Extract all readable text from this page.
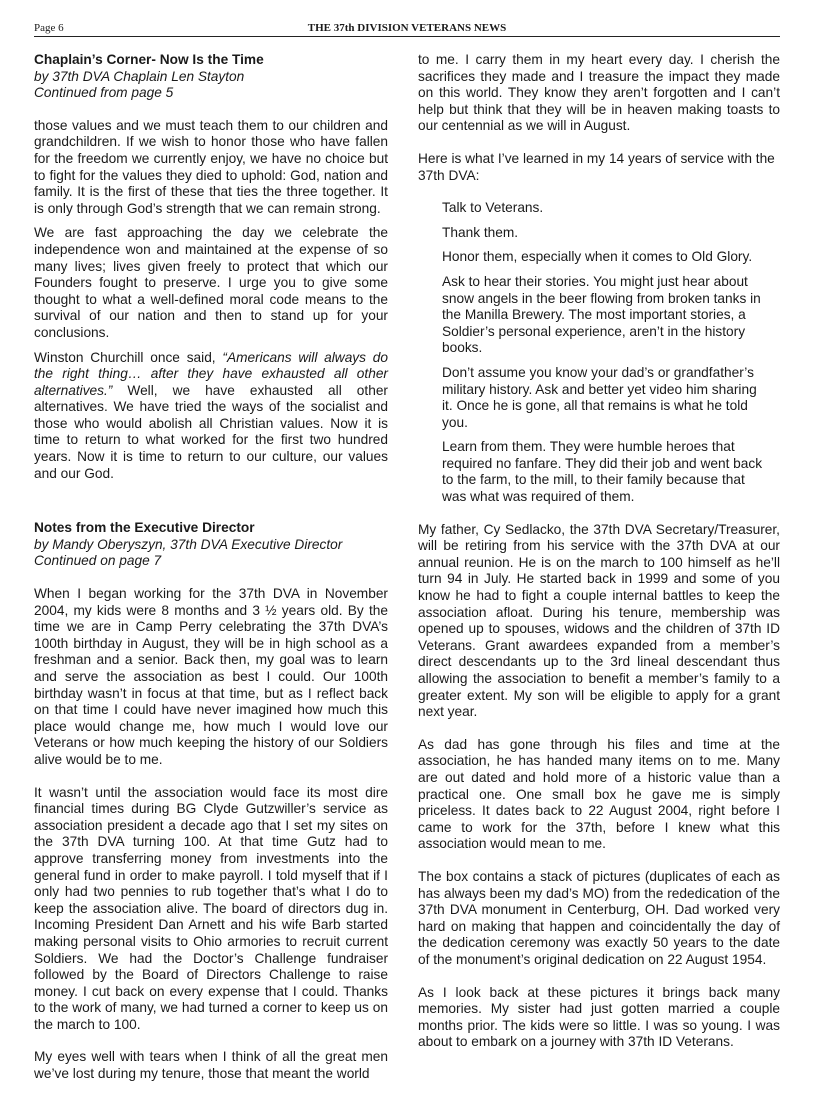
Page 6	THE 37th DIVISION VETERANS NEWS
Chaplain’s Corner- Now Is the Time
by 37th DVA Chaplain Len Stayton
Continued from page 5

those values and we must teach them to our children and grandchildren. If we wish to honor those who have fallen for the freedom we currently enjoy, we have no choice but to fight for the values they died to uphold: God, nation and family. It is the first of these that ties the three together. It is only through God’s strength that we can remain strong.

We are fast approaching the day we celebrate the independence won and maintained at the expense of so many lives; lives given freely to protect that which our Founders fought to preserve. I urge you to give some thought to what a well-defined moral code means to the survival of our nation and then to stand up for your conclusions.

Winston Churchill once said, “Americans will always do the right thing… after they have exhausted all other alternatives.” Well, we have exhausted all other alternatives. We have tried the ways of the socialist and those who would abolish all Christian values. Now it is time to return to what worked for the first two hundred years. Now it is time to return to our culture, our values and our God.

Notes from the Executive Director
by Mandy Oberyszyn, 37th DVA Executive Director
Continued on page 7

When I began working for the 37th DVA in November 2004, my kids were 8 months and 3 ½ years old. By the time we are in Camp Perry celebrating the 37th DVA’s 100th birthday in August, they will be in high school as a freshman and a senior. Back then, my goal was to learn and serve the association as best I could. Our 100th birthday wasn’t in focus at that time, but as I reflect back on that time I could have never imagined how much this place would change me, how much I would love our Veterans or how much keeping the history of our Soldiers alive would be to me.

It wasn’t until the association would face its most dire financial times during BG Clyde Gutzwiller’s service as association president a decade ago that I set my sites on the 37th DVA turning 100. At that time Gutz had to approve transferring money from investments into the general fund in order to make payroll. I told myself that if I only had two pennies to rub together that’s what I do to keep the association alive. The board of directors dug in. Incoming President Dan Arnett and his wife Barb started making personal visits to Ohio armories to recruit current Soldiers. We had the Doctor’s Challenge fundraiser followed by the Board of Directors Challenge to raise money. I cut back on every expense that I could. Thanks to the work of many, we had turned a corner to keep us on the march to 100.

My eyes well with tears when I think of all the great men we’ve lost during my tenure, those that meant the world

to me. I carry them in my heart every day. I cherish the sacrifices they made and I treasure the impact they made on this world. They know they aren’t forgotten and I can’t help but think that they will be in heaven making toasts to our centennial as we will in August.

Here is what I’ve learned in my 14 years of service with the 37th DVA:

Talk to Veterans.

Thank them.

Honor them, especially when it comes to Old Glory.

Ask to hear their stories. You might just hear about snow angels in the beer flowing from broken tanks in the Manilla Brewery. The most important stories, a Soldier’s personal experience, aren’t in the history books.

Don’t assume you know your dad’s or grandfather’s military history. Ask and better yet video him sharing it. Once he is gone, all that remains is what he told you.

Learn from them. They were humble heroes that required no fanfare. They did their job and went back to the farm, to the mill, to their family because that was what was required of them.

My father, Cy Sedlacko, the 37th DVA Secretary/Treasurer, will be retiring from his service with the 37th DVA at our annual reunion. He is on the march to 100 himself as he’ll turn 94 in July. He started back in 1999 and some of you know he had to fight a couple internal battles to keep the association afloat. During his tenure, membership was opened up to spouses, widows and the children of 37th ID Veterans. Grant awardees expanded from a member’s direct descendants up to the 3rd lineal descendant thus allowing the association to benefit a member’s family to a greater extent. My son will be eligible to apply for a grant next year.

As dad has gone through his files and time at the association, he has handed many items on to me. Many are out dated and hold more of a historic value than a practical one. One small box he gave me is simply priceless. It dates back to 22 August 2004, right before I came to work for the 37th, before I knew what this association would mean to me.

The box contains a stack of pictures (duplicates of each as has always been my dad’s MO) from the rededication of the 37th DVA monument in Centerburg, OH. Dad worked very hard on making that happen and coincidentally the day of the dedication ceremony was exactly 50 years to the date of the monument’s original dedication on 22 August 1954.

As I look back at these pictures it brings back many memories. My sister had just gotten married a couple months prior. The kids were so little. I was so young. I was about to embark on a journey with 37th ID Veterans.
